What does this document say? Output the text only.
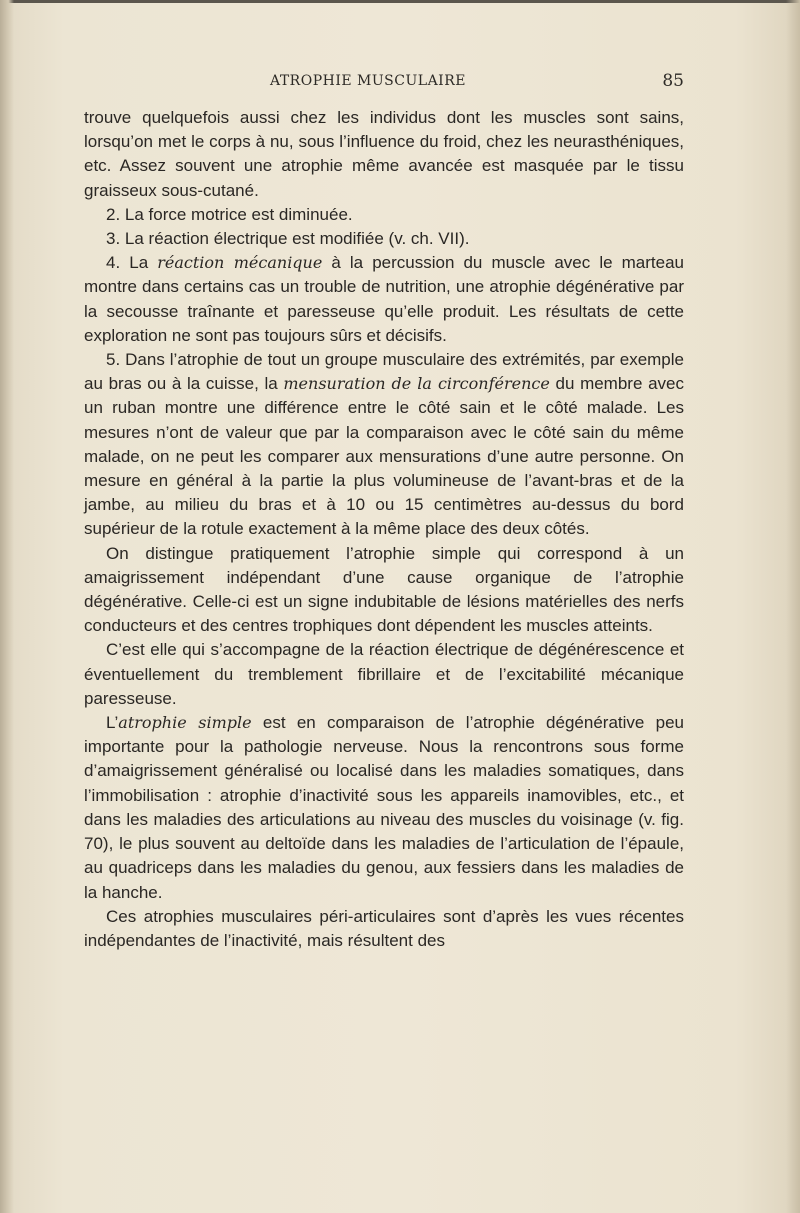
ATROPHIE MUSCULAIRE	85

trouve quelquefois aussi chez les individus dont les muscles sont sains, lorsqu’on met le corps à nu, sous l’influence du froid, chez les neurasthéniques, etc. Assez souvent une atrophie même avancée est masquée par le tissu graisseux sous-cutané.

2. La force motrice est diminuée.

3. La réaction électrique est modifiée (v. ch. VII).

4. La réaction mécanique à la percussion du muscle avec le marteau montre dans certains cas un trouble de nutrition, une atrophie dégénérative par la secousse traînante et paresseuse qu’elle produit. Les résultats de cette exploration ne sont pas toujours sûrs et décisifs.

5. Dans l’atrophie de tout un groupe musculaire des extrémités, par exemple au bras ou à la cuisse, la mensuration de la circonférence du membre avec un ruban montre une différence entre le côté sain et le côté malade. Les mesures n’ont de valeur que par la comparaison avec le côté sain du même malade, on ne peut les comparer aux mensurations d’une autre personne. On mesure en général à la partie la plus volumineuse de l’avant-bras et de la jambe, au milieu du bras et à 10 ou 15 centimètres au-dessus du bord supérieur de la rotule exactement à la même place des deux côtés.

On distingue pratiquement l’atrophie simple qui correspond à un amaigrissement indépendant d’une cause organique de l’atrophie dégénérative. Celle-ci est un signe indubitable de lésions matérielles des nerfs conducteurs et des centres trophiques dont dépendent les muscles atteints.

C’est elle qui s’accompagne de la réaction électrique de dégénérescence et éventuellement du tremblement fibrillaire et de l’excitabilité mécanique paresseuse.

L’atrophie simple est en comparaison de l’atrophie dégénérative peu importante pour la pathologie nerveuse. Nous la rencontrons sous forme d’amaigrissement généralisé ou localisé dans les maladies somatiques, dans l’immobilisation : atrophie d’inactivité sous les appareils inamovibles, etc., et dans les maladies des articulations au niveau des muscles du voisinage (v. fig. 70), le plus souvent au deltoïde dans les maladies de l’articulation de l’épaule, au quadriceps dans les maladies du genou, aux fessiers dans les maladies de la hanche.

Ces atrophies musculaires péri-articulaires sont d’après les vues récentes indépendantes de l’inactivité, mais résultent des
